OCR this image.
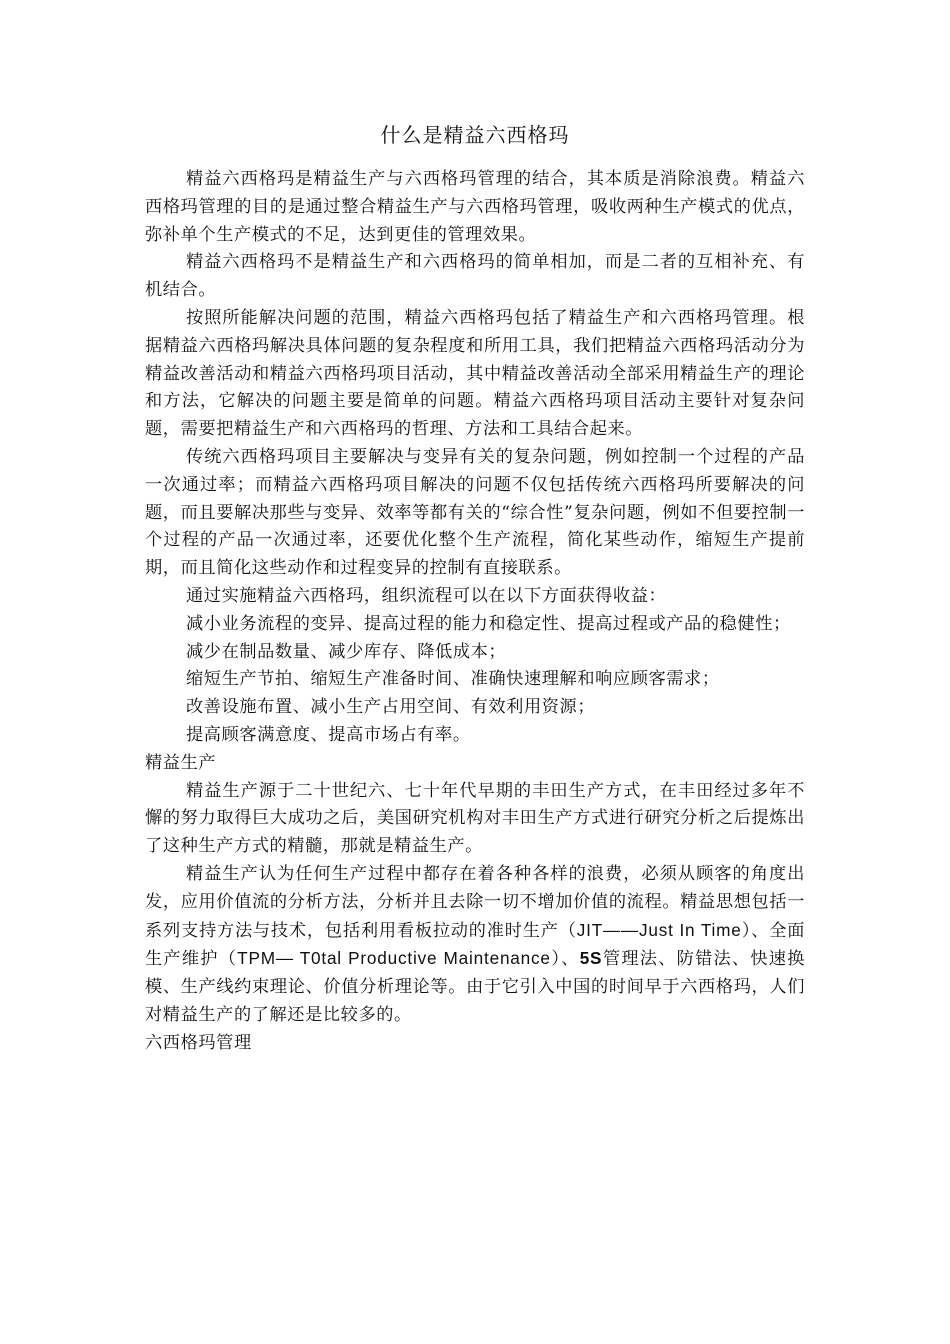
什么是精益六西格玛

精益六西格玛是精益生产与六西格玛管理的结合，其本质是消除浪费。精益六西格玛管理的目的是通过整合精益生产与六西格玛管理，吸收两种生产模式的优点，弥补单个生产模式的不足，达到更佳的管理效果。

精益六西格玛不是精益生产和六西格玛的简单相加，而是二者的互相补充、有机结合。

按照所能解决问题的范围，精益六西格玛包括了精益生产和六西格玛管理。根据精益六西格玛解决具体问题的复杂程度和所用工具，我们把精益六西格玛活动分为精益改善活动和精益六西格玛项目活动，其中精益改善活动全部采用精益生产的理论和方法，它解决的问题主要是简单的问题。精益六西格玛项目活动主要针对复杂问题，需要把精益生产和六西格玛的哲理、方法和工具结合起来。

传统六西格玛项目主要解决与变异有关的复杂问题，例如控制一个过程的产品一次通过率；而精益六西格玛项目解决的问题不仅包括传统六西格玛所要解决的问题，而且要解决那些与变异、效率等都有关的“综合性”复杂问题，例如不但要控制一个过程的产品一次通过率，还要优化整个生产流程，简化某些动作，缩短生产提前期，而且简化这些动作和过程变异的控制有直接联系。

通过实施精益六西格玛，组织流程可以在以下方面获得收益：

减小业务流程的变异、提高过程的能力和稳定性、提高过程或产品的稳健性；

减少在制品数量、减少库存、降低成本；

缩短生产节拍、缩短生产准备时间、准确快速理解和响应顾客需求；

改善设施布置、减小生产占用空间、有效利用资源；

提高顾客满意度、提高市场占有率。

精益生产

精益生产源于二十世纪六、七十年代早期的丰田生产方式，在丰田经过多年不懈的努力取得巨大成功之后，美国研究机构对丰田生产方式进行研究分析之后提炼出了这种生产方式的精髓，那就是精益生产。

精益生产认为任何生产过程中都存在着各种各样的浪费，必须从顾客的角度出发，应用价值流的分析方法，分析并且去除一切不增加价值的流程。精益思想包括一系列支持方法与技术，包括利用看板拉动的准时生产（JIT——Just In Time）、全面生产维护（TPM— T0tal Productive Maintenance）、5S管理法、防错法、快速换模、生产线约束理论、价值分析理论等。由于它引入中国的时间早于六西格玛，人们对精益生产的了解还是比较多的。

六西格玛管理
